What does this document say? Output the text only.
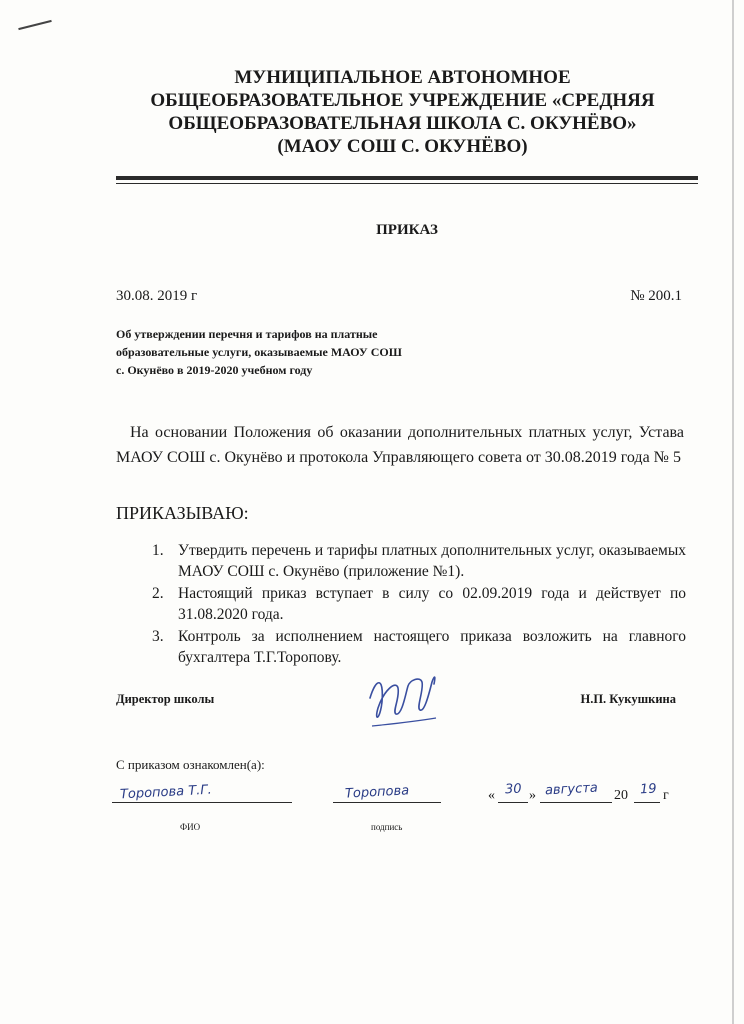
МУНИЦИПАЛЬНОЕ АВТОНОМНОЕ
ОБЩЕОБРАЗОВАТЕЛЬНОЕ УЧРЕЖДЕНИЕ «СРЕДНЯЯ
ОБЩЕОБРАЗОВАТЕЛЬНАЯ ШКОЛА С. ОКУНЁВО»
(МАОУ СОШ С. ОКУНЁВО)
ПРИКАЗ
30.08. 2019 г	№ 200.1
Об утверждении перечня и тарифов на платные
образовательные услуги, оказываемые МАОУ СОШ
с. Окунёво в 2019-2020 учебном году
На основании Положения об оказании дополнительных платных услуг, Устава МАОУ СОШ с. Окунёво и протокола Управляющего совета от 30.08.2019 года № 5
ПРИКАЗЫВАЮ:
1. Утвердить перечень и тарифы платных дополнительных услуг, оказываемых МАОУ СОШ с. Окунёво (приложение №1).
2. Настоящий приказ вступает в силу со 02.09.2019 года и действует по 31.08.2020 года.
3. Контроль за исполнением настоящего приказа возложить на главного бухгалтера Т.Г.Торопову.
Директор школы	Н.П. Кукушкина
С приказом ознакомлен(а):
Торопова Т.Г.
ФИО
Торопова
подпись
« 30 » августа 20 19 г
